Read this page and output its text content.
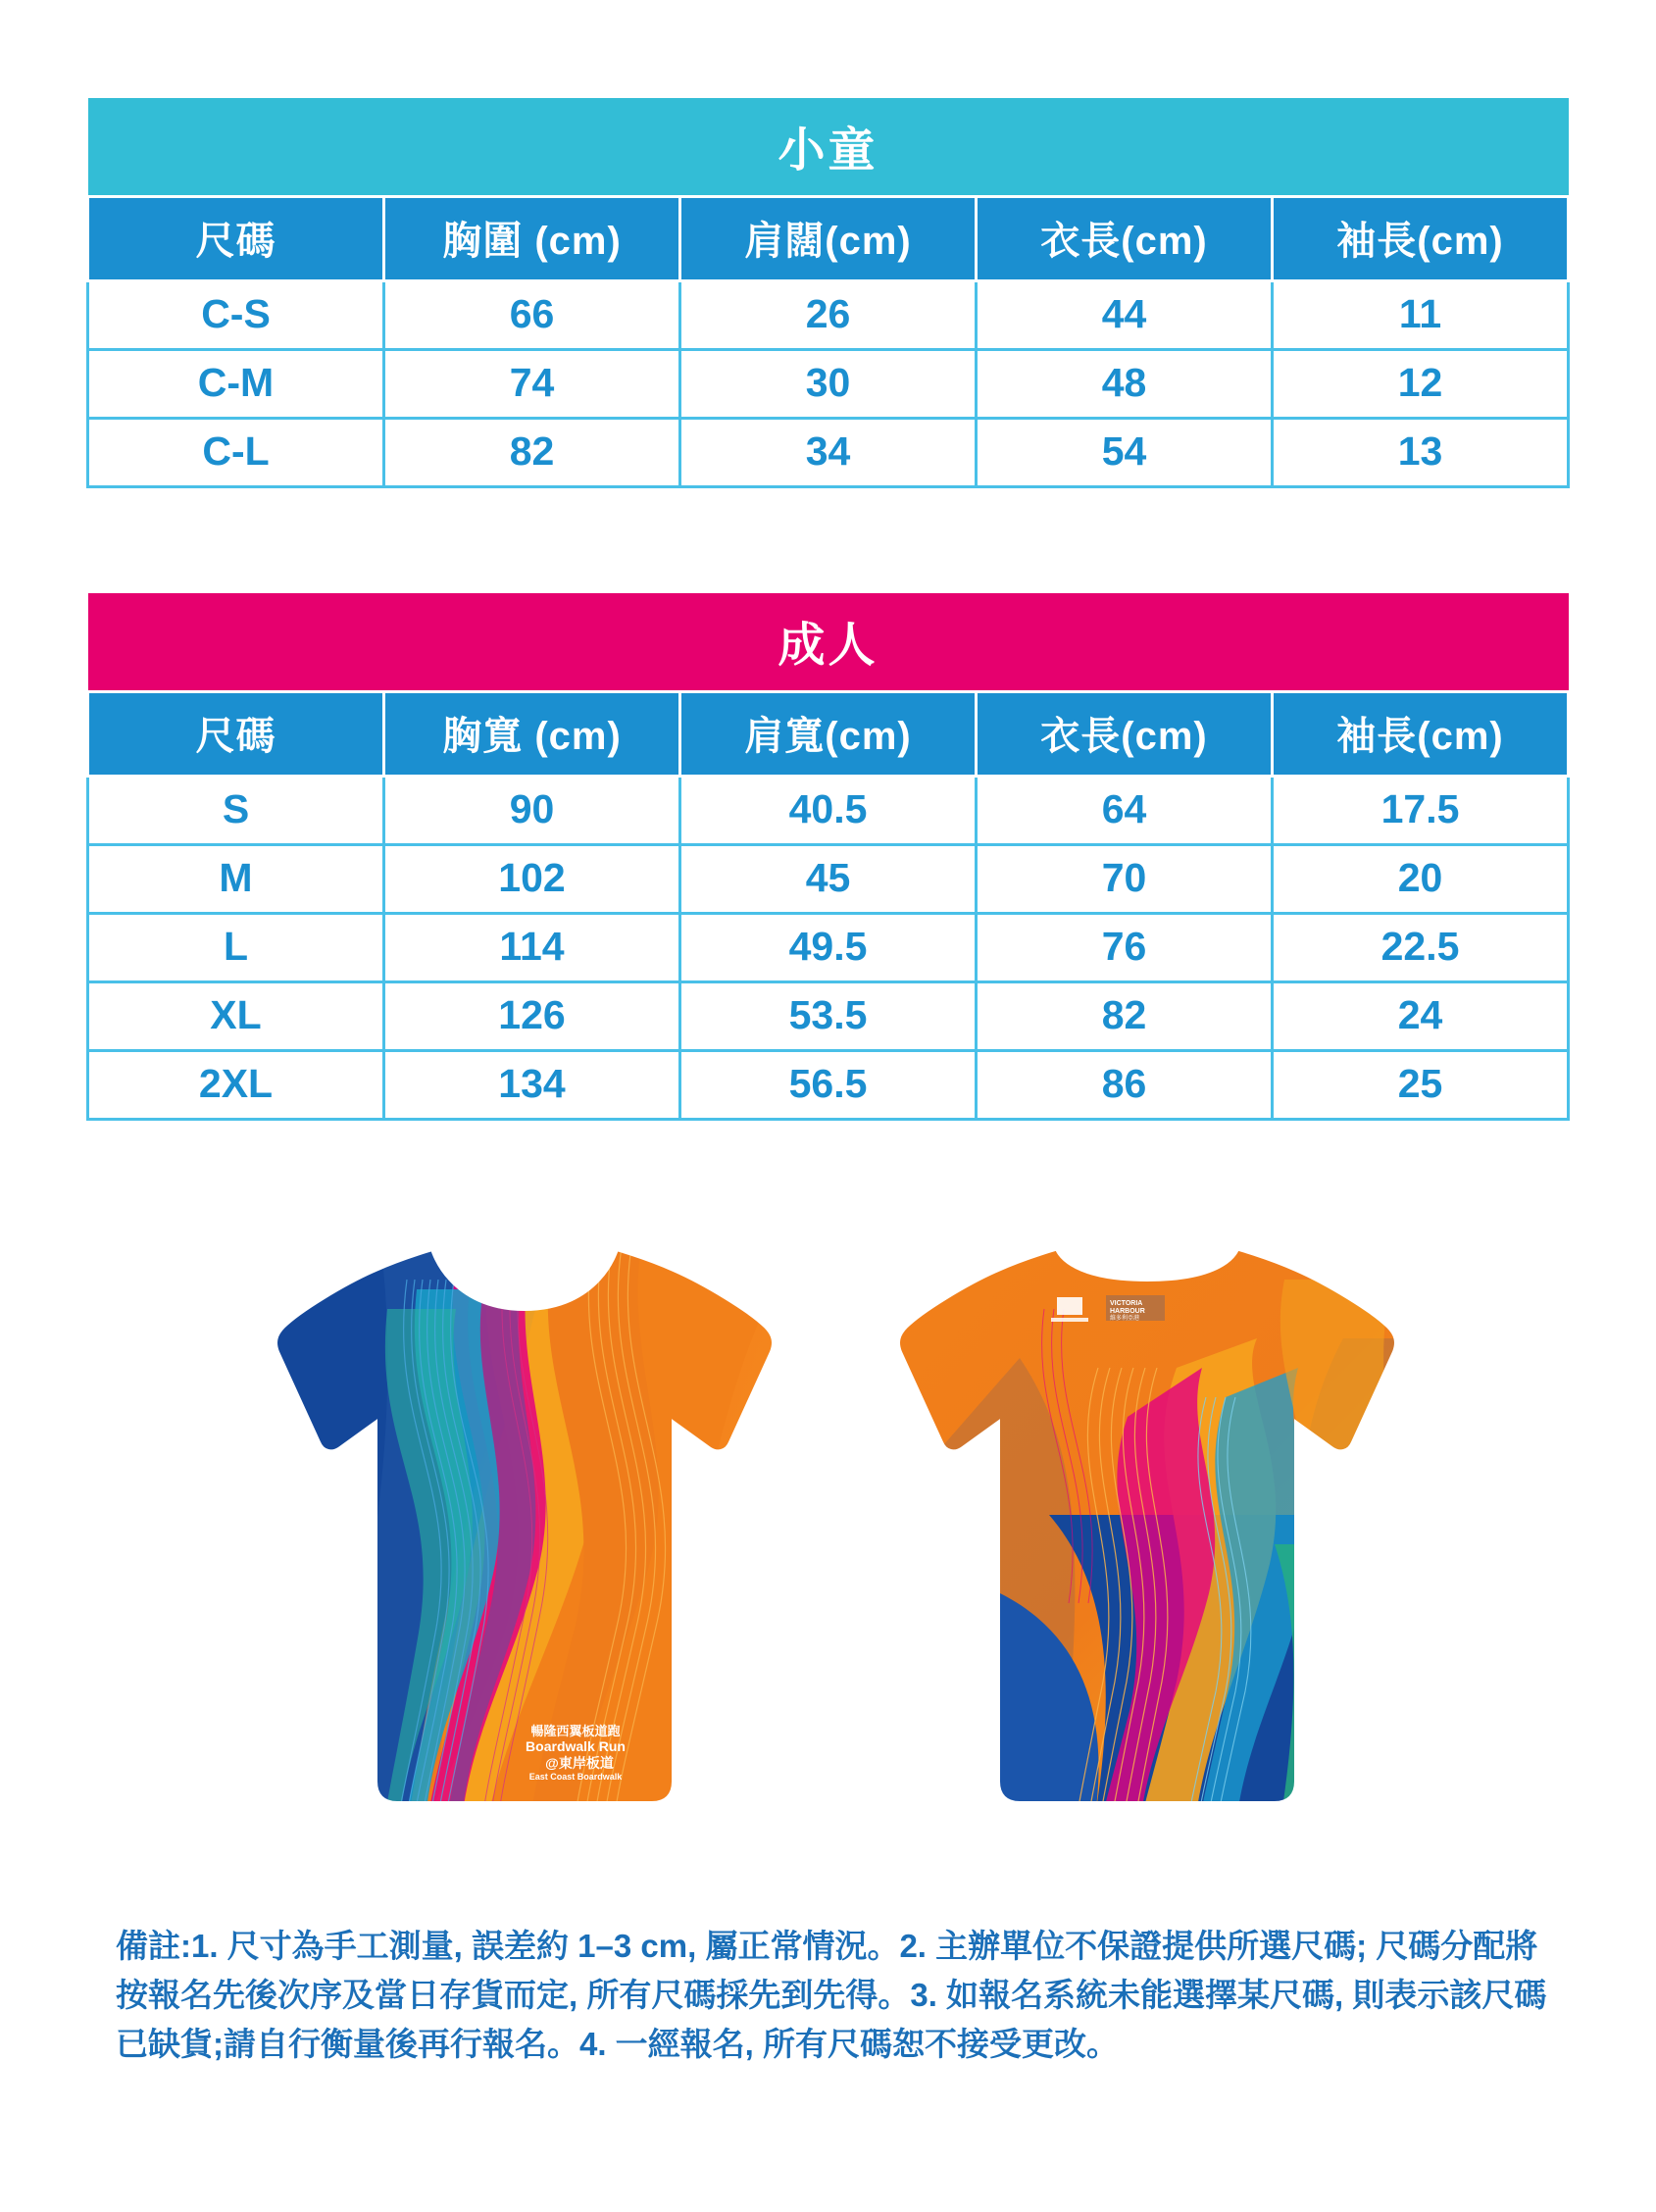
小童				
尺碼	胸圍 (cm)	肩闊(cm)	衣長(cm)	袖長(cm)
C-S	66	26	44	11
C-M	74	30	48	12
C-L	82	34	54	13
成人				
尺碼	胸寬 (cm)	肩寬(cm)	衣長(cm)	袖長(cm)
S	90	40.5	64	17.5
M	102	45	70	20
L	114	49.5	76	22.5
XL	126	53.5	82	24
2XL	134	56.5	86	25
暢隆西翼板道跑
Boardwalk Run
@東岸板道
East Coast Boardwalk
VICTORIA
HARBOUR
維多利亞港
備註:1. 尺寸為手工測量, 誤差約 1–3 cm, 屬正常情況。2. 主辦單位不保證提供所選尺碼; 尺碼分配將按報名先後次序及當日存貨而定, 所有尺碼採先到先得。3. 如報名系統未能選擇某尺碼, 則表示該尺碼已缺貨;請自行衡量後再行報名。4. 一經報名, 所有尺碼恕不接受更改。
